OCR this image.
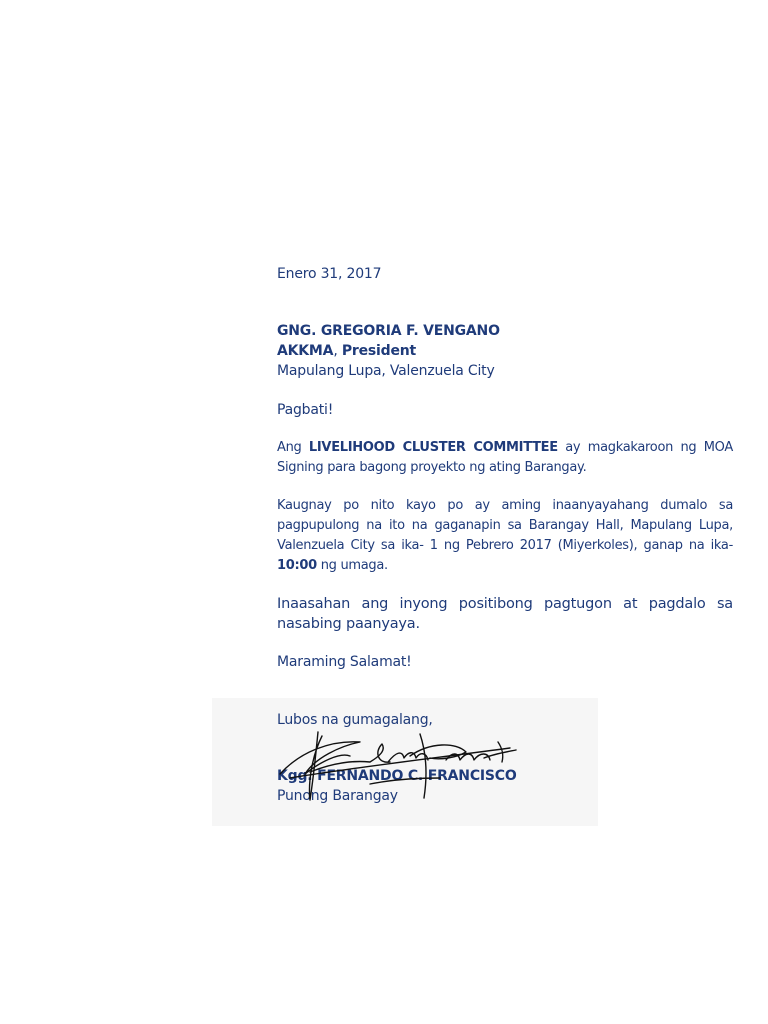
Enero 31, 2017

GNG. GREGORIA F. VENGANO
AKKMA, President
Mapulang Lupa, Valenzuela City
Pagbati!
Ang LIVELIHOOD CLUSTER COMMITTEE ay magkakaroon ng MOA Signing para bagong proyekto ng ating Barangay.
Kaugnay po nito kayo po ay aming inaanyayahang dumalo sa pagpupulong na ito na gaganapin sa Barangay Hall, Mapulang Lupa, Valenzuela City sa ika- 1 ng Pebrero 2017 (Miyerkoles), ganap na ika-10:00 ng umaga.
Inaasahan ang inyong positibong pagtugon at pagdalo sa nasabing paanyaya.
Maraming Salamat!
Lubos na gumagalang,
Kgg. FERNANDO C. FRANCISCO
Punong Barangay
